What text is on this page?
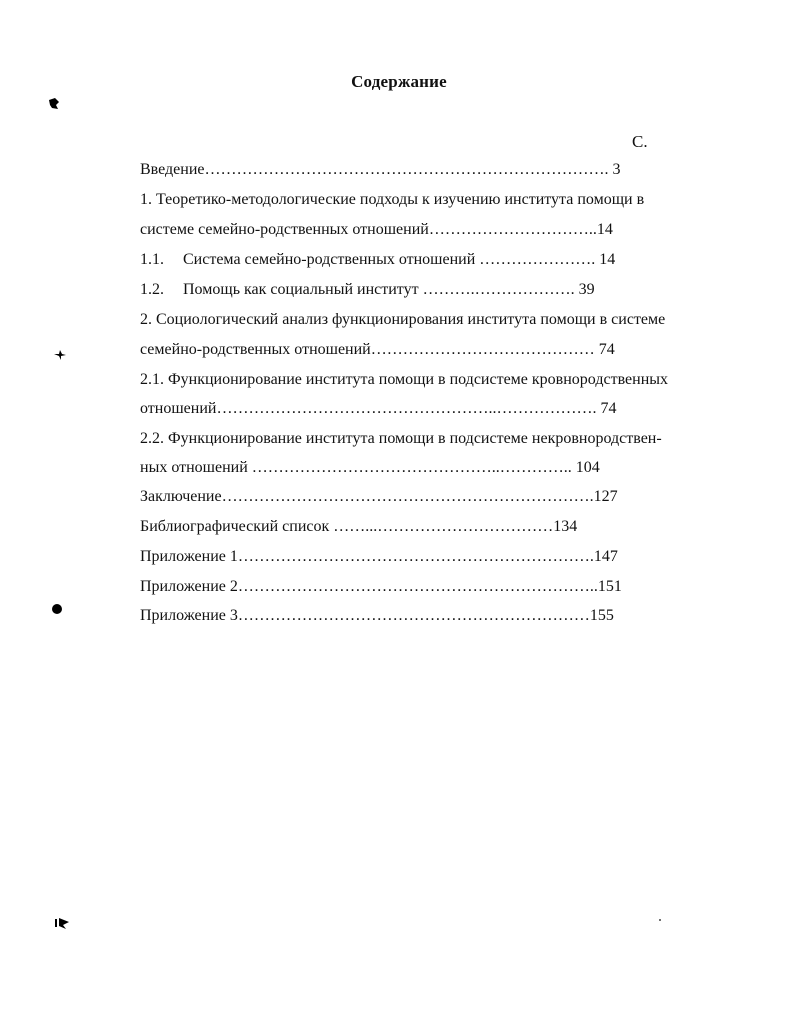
Содержание
С.
Введение…………………………………………………………………. 3
1. Теоретико-методологические подходы к изучению института помощи в
системе семейно-родственных отношений…………………………..14
1.1. Система семейно-родственных отношений …………………. 14
1.2. Помощь как социальный институт ……….………………. 39
2. Социологический анализ функционирования института помощи в системе
семейно-родственных отношений…………………………………… 74
2.1. Функционирование института помощи в подсистеме кровнородственных
отношений……………………………………………..………………. 74
2.2. Функционирование института помощи в подсистеме некровнородствен-
ных отношений ………………………………………..………….. 104
Заключение…………………………………………………………….127
Библиографический список ……...……………………………134
Приложение 1………………………………………………………….147
Приложение 2…………………………………………………………..151
Приложение 3…………………………………………………………155
